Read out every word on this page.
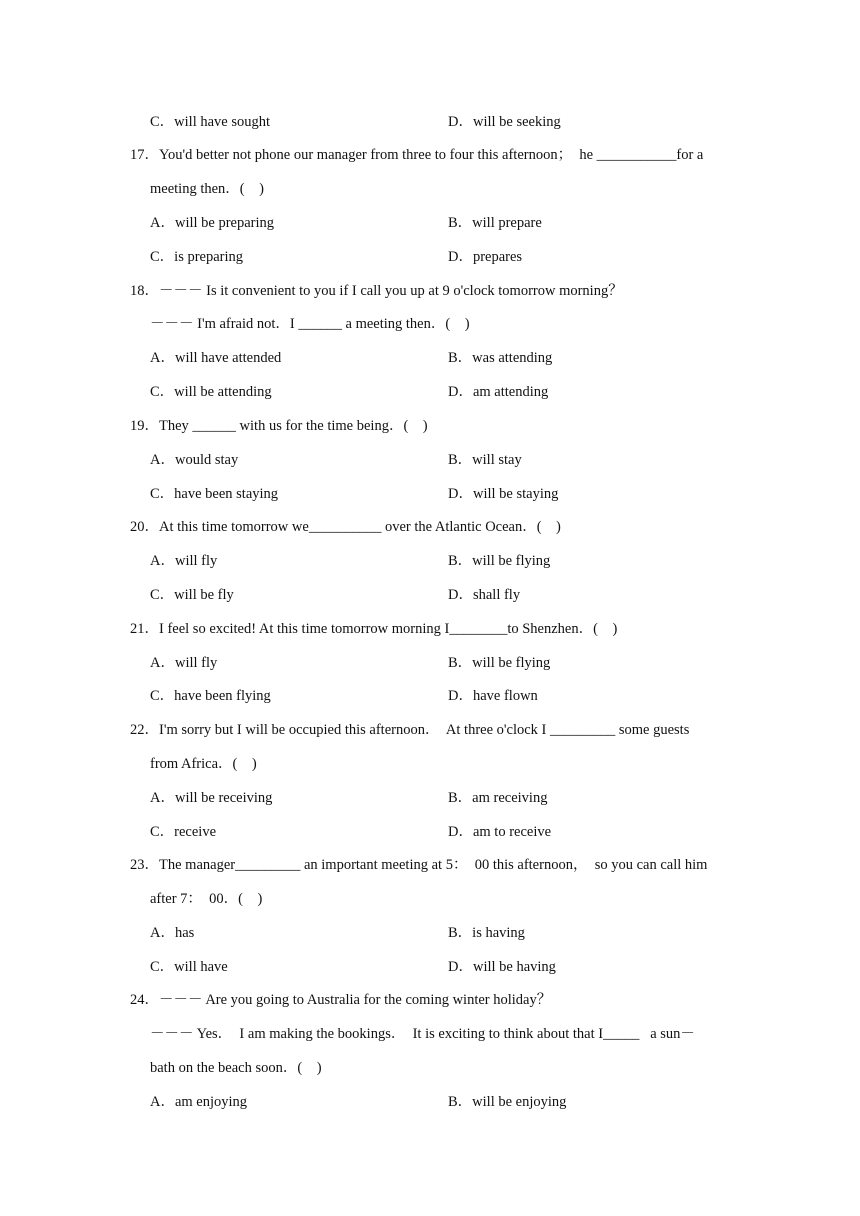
C．will have sought	D．will be seeking
17．You'd better not phone our manager from three to four this afternoon；  he ___________for a
meeting then．(    )
A．will be preparing	B．will prepare
C．is preparing	D．prepares
18．－－－ Is it convenient to you if I call you up at 9 o'clock tomorrow morning？
－－－ I'm afraid not．I ______ a meeting then．(    )
A．will have attended	B．was attending
C．will be attending	D．am attending
19．They ______ with us for the time being．(    )
A．would stay	B．will stay
C．have been staying	D．will be staying
20．At this time tomorrow we__________ over the Atlantic Ocean．(    )
A．will fly	B．will be flying
C．will be fly	D．shall fly
21．I feel so excited! At this time tomorrow morning I________to Shenzhen．(    )
A．will fly	B．will be flying
C．have been flying	D．have flown
22．I'm sorry but I will be occupied this afternoon．  At three o'clock I _________ some guests
from Africa．(    )
A．will be receiving	B．am receiving
C．receive	D．am to receive
23．The manager_________ an important meeting at 5：  00 this afternoon，  so you can call him
after 7：  00．(    )
A．has	B．is having
C．will have	D．will be having
24．－－－ Are you going to Australia for the coming winter holiday？
－－－ Yes．  I am making the bookings．  It is exciting to think about that I_____   a sun－
bath on the beach soon．(    )
A．am enjoying	B．will be enjoying
